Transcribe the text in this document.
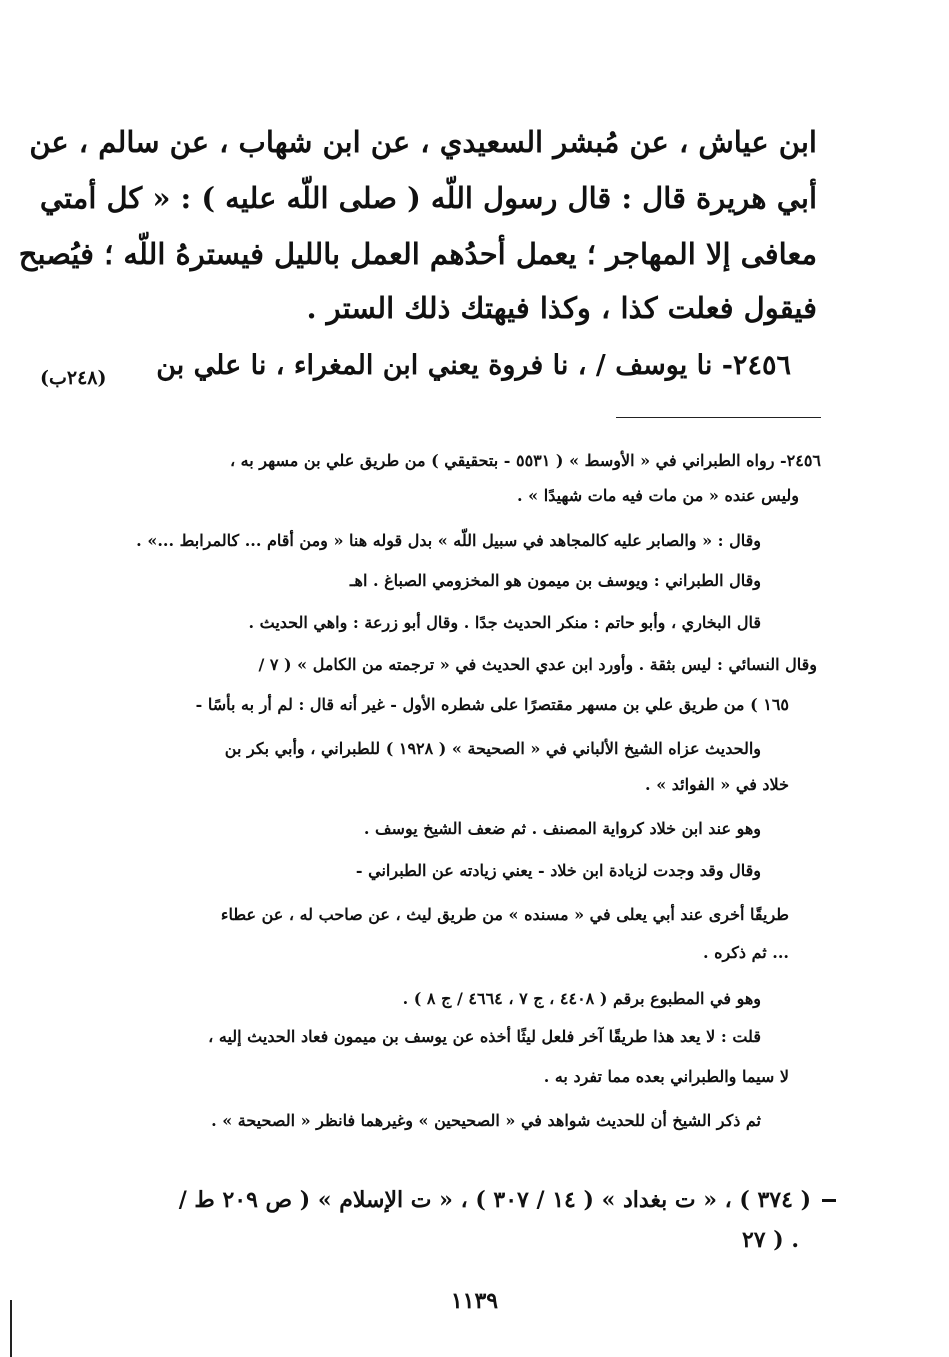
ابن عياش ، عن مُبشر السعيدي ، عن ابن شهاب ، عن سالم ، عن
أبي هريرة قال : قال رسول اللّه ( صلى اللّه عليه ) : « كل أمتي
معافى إلا المهاجر ؛ يعمل أحدُهم العمل بالليل فيسترهُ اللّه ؛ فيُصبح
فيقول فعلت كذا ، وكذا فيهتك ذلك الستر .
٢٤٥٦- نا يوسف / ، نا فروة يعني ابن المغراء ، نا علي بن
(٢٤٨ب)
٢٤٥٦- رواه الطبراني في « الأوسط » ( ٥٥٣١ - بتحقيقي ) من طريق علي بن مسهر به ،
وليس عنده « من مات فيه مات شهيدًا » .
وقال : « والصابر عليه كالمجاهد في سبيل اللّه » بدل قوله هنا « ومن أقام ... كالمرابط ...» .
وقال الطبراني : ويوسف بن ميمون هو المخزومي الصباغ . اهـ
قال البخاري ، وأبو حاتم : منكر الحديث جدًا . وقال أبو زرعة : واهي الحديث .
وقال النسائي : ليس بثقة . وأورد ابن عدي الحديث في « ترجمته من الكامل » ( ٧ /
١٦٥ ) من طريق علي بن مسهر مقتصرًا على شطره الأول - غير أنه قال : لم أر به بأسًا -
والحديث عزاه الشيخ الألباني في « الصحيحة » ( ١٩٢٨ ) للطبراني ، وأبي بكر بن
خلاد في « الفوائد » .
وهو عند ابن خلاد كرواية المصنف . ثم ضعف الشيخ يوسف .
وقال وقد وجدت لزيادة ابن خلاد - يعني زيادته عن الطبراني -
طريقًا أخرى عند أبي يعلى في « مسنده » من طريق ليث ، عن صاحب له ، عن عطاء
... ثم ذكره .
وهو في المطبوع برقم ( ٤٤٠٨ ، ج ٧ ، ٤٦٦٤ / ج ٨ ) .
قلت : لا يعد هذا طريقًا آخر فلعل ليثًا أخذه عن يوسف بن ميمون فعاد الحديث إليه ،
لا سيما والطبراني بعده مما تفرد به .
ثم ذكر الشيخ أن للحديث شواهد في « الصحيحين » وغيرهما فانظر « الصحيحة » .
( ٣٧٤ ) ، « ت بغداد » ( ١٤ / ٣٠٧ ) ، « ت الإسلام » ( ص ٢٠٩ ط /
٢٧ ) .
١١٣٩
